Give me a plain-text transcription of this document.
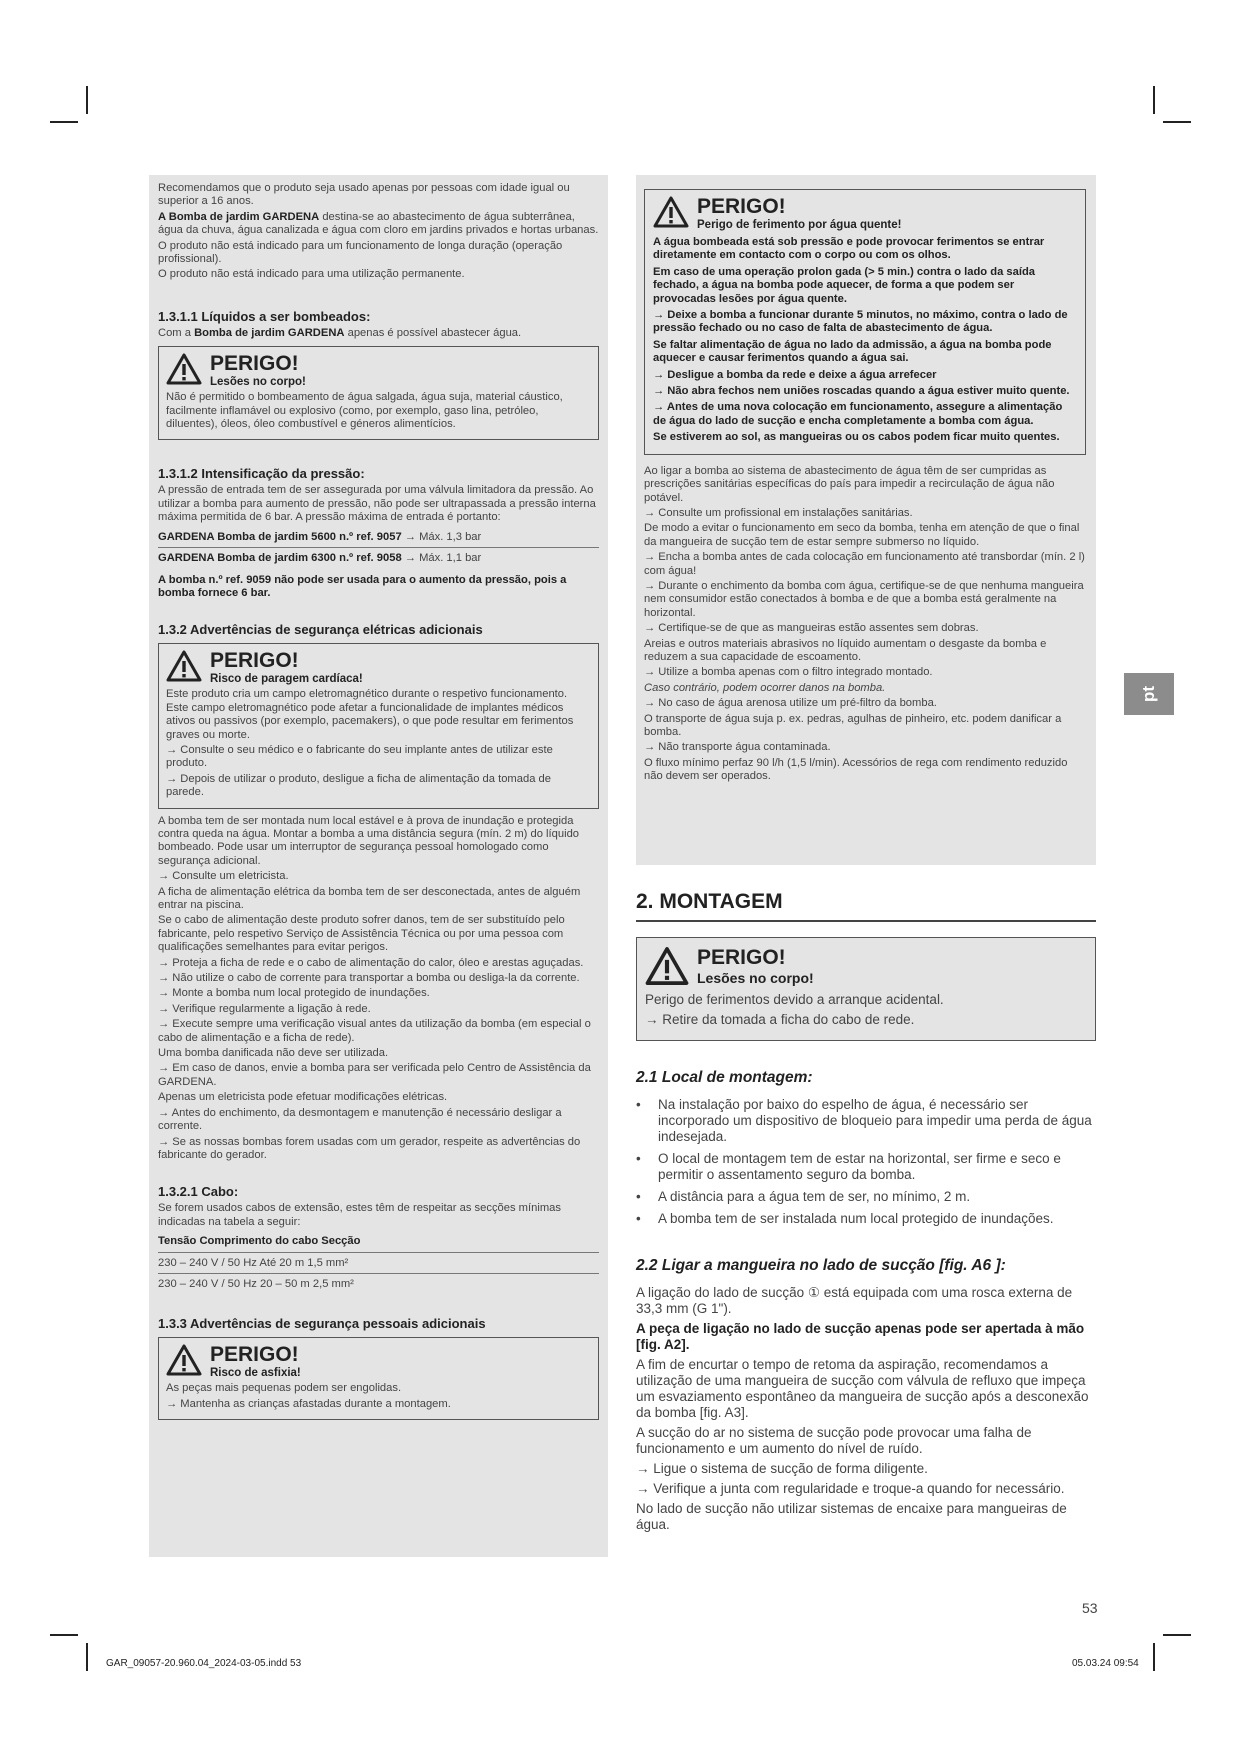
Recomendamos que o produto seja usado apenas por pessoas com idade igual ou superior a 16 anos.

A Bomba de jardim GARDENA destina-se ao abastecimento de água subterrânea, água da chuva, água canalizada e água com cloro em jardins privados e hortas urbanas.

O produto não está indicado para um funcionamento de longa duração (operação profissional).

O produto não está indicado para uma utilização permanente.

1.3.1.1 Líquidos a ser bombeados:

Com a Bomba de jardim GARDENA apenas é possível abastecer água.

PERIGO!
Lesões no corpo!

Não é permitido o bombeamento de água salgada, água suja, material cáustico, facilmente inflamável ou explosivo (como, por exemplo, gaso lina, petróleo, diluentes), óleos, óleo combustível e géneros alimentícios.

1.3.1.2 Intensificação da pressão:

A pressão de entrada tem de ser assegurada por uma válvula limitadora da pressão. Ao utilizar a bomba para aumento de pressão, não pode ser ultrapassada a pressão interna máxima permitida de 6 bar. A pressão máxima de entrada é portanto:

GARDENA Bomba de jardim 5600 n.º ref. 9057 → Máx. 1,3 bar
GARDENA Bomba de jardim 6300 n.º ref. 9058 → Máx. 1,1 bar

A bomba n.º ref. 9059 não pode ser usada para o aumento da pressão, pois a bomba fornece 6 bar.

1.3.2 Advertências de segurança elétricas adicionais
PERIGO!
Risco de paragem cardíaca!

Este produto cria um campo eletromagnético durante o respetivo funcionamento. Este campo eletromagnético pode afetar a funcionalidade de implantes médicos ativos ou passivos (por exemplo, pacemakers), o que pode resultar em ferimentos graves ou morte.

→ Consulte o seu médico e o fabricante do seu implante antes de utilizar este produto.

→ Depois de utilizar o produto, desligue a ficha de alimentação da tomada de parede.

A bomba tem de ser montada num local estável e à prova de inundação e protegida contra queda na água. Montar a bomba a uma distância segura (mín. 2 m) do líquido bombeado. Pode usar um interruptor de segurança pessoal homologado como segurança adicional.

→ Consulte um eletricista.

A ficha de alimentação elétrica da bomba tem de ser desconectada, antes de alguém entrar na piscina.

Se o cabo de alimentação deste produto sofrer danos, tem de ser substituído pelo fabricante, pelo respetivo Serviço de Assistência Técnica ou por uma pessoa com qualificações semelhantes para evitar perigos.

→ Proteja a ficha de rede e o cabo de alimentação do calor, óleo e arestas aguçadas.

→ Não utilize o cabo de corrente para transportar a bomba ou desliga-la da corrente.

→ Monte a bomba num local protegido de inundações.

→ Verifique regularmente a ligação à rede.

→ Execute sempre uma verificação visual antes da utilização da bomba (em especial o cabo de alimentação e a ficha de rede).

Uma bomba danificada não deve ser utilizada.

→ Em caso de danos, envie a bomba para ser verificada pelo Centro de Assistência da GARDENA.

Apenas um eletricista pode efetuar modificações elétricas.

→ Antes do enchimento, da desmontagem e manutenção é necessário desligar a corrente.

→ Se as nossas bombas forem usadas com um gerador, respeite as advertências do fabricante do gerador.

1.3.2.1 Cabo:

Se forem usados cabos de extensão, estes têm de respeitar as secções mínimas indicadas na tabela a seguir:

Tensão Comprimento do cabo Secção
230 – 240 V / 50 Hz Até 20 m 1,5 mm²
230 – 240 V / 50 Hz 20 – 50 m 2,5 mm²
1.3.3 Advertências de segurança pessoais adicionais
PERIGO!
Risco de asfixia!

As peças mais pequenas podem ser engolidas.

→ Mantenha as crianças afastadas durante a montagem.

PERIGO!
Perigo de ferimento por água quente!

A água bombeada está sob pressão e pode provocar ferimentos se entrar diretamente em contacto com o corpo ou com os olhos.

Em caso de uma operação prolon gada (> 5 min.) contra o lado da saída fechado, a água na bomba pode aquecer, de forma a que podem ser provocadas lesões por água quente.

→ Deixe a bomba a funcionar durante 5 minutos, no máximo, contra o lado de pressão fechado ou no caso de falta de abastecimento de água.

Se faltar alimentação de água no lado da admissão, a água na bomba pode aquecer e causar ferimentos quando a água sai.

→ Desligue a bomba da rede e deixe a água arrefecer

→ Não abra fechos nem uniões roscadas quando a água estiver muito quente.

→ Antes de uma nova colocação em funcionamento, assegure a alimentação de água do lado de sucção e encha completamente a bomba com água.

Se estiverem ao sol, as mangueiras ou os cabos podem ficar muito quentes.

Ao ligar a bomba ao sistema de abastecimento de água têm de ser cumpridas as prescrições sanitárias específicas do país para impedir a recirculação de água não potável.

→ Consulte um profissional em instalações sanitárias.

De modo a evitar o funcionamento em seco da bomba, tenha em atenção de que o final da mangueira de sucção tem de estar sempre submerso no líquido.

→ Encha a bomba antes de cada colocação em funcionamento até transbordar (mín. 2 l) com água!

→ Durante o enchimento da bomba com água, certifique-se de que nenhuma mangueira nem consumidor estão conectados à bomba e de que a bomba está geralmente na horizontal.

→ Certifique-se de que as mangueiras estão assentes sem dobras.

Areias e outros materiais abrasivos no líquido aumentam o desgaste da bomba e reduzem a sua capacidade de escoamento.

→ Utilize a bomba apenas com o filtro integrado montado.

Caso contrário, podem ocorrer danos na bomba.

→ No caso de água arenosa utilize um pré-filtro da bomba.

O transporte de água suja p. ex. pedras, agulhas de pinheiro, etc. podem danificar a bomba.

→ Não transporte água contaminada.

O fluxo mínimo perfaz 90 l/h (1,5 l/min). Acessórios de rega com rendimento reduzido não devem ser operados.

2. MONTAGEM
PERIGO!
Lesões no corpo!

Perigo de ferimentos devido a arranque acidental.

→ Retire da tomada a ficha do cabo de rede.

2.1 Local de montagem:
• Na instalação por baixo do espelho de água, é necessário ser incorporado um dispositivo de bloqueio para impedir uma perda de água indesejada.
• O local de montagem tem de estar na horizontal, ser firme e seco e permitir o assentamento seguro da bomba.
• A distância para a água tem de ser, no mínimo, 2 m.
• A bomba tem de ser instalada num local protegido de inundações.
2.2 Ligar a mangueira no lado de sucção [fig. A6 ]:

A ligação do lado de sucção ① está equipada com uma rosca externa de 33,3 mm (G 1").

A peça de ligação no lado de sucção apenas pode ser apertada à mão [fig. A2].

A fim de encurtar o tempo de retoma da aspiração, recomendamos a utilização de uma mangueira de sucção com válvula de refluxo que impeça um esvaziamento espontâneo da mangueira de sucção após a desconexão da bomba [fig. A3].

A sucção do ar no sistema de sucção pode provocar uma falha de funcionamento e um aumento do nível de ruído.

→ Ligue o sistema de sucção de forma diligente.

→ Verifique a junta com regularidade e troque-a quando for necessário.

No lado de sucção não utilizar sistemas de encaixe para mangueiras de água.

pt
53
GAR_09057-20.960.04_2024-03-05.indd 53	05.03.24 09:54
